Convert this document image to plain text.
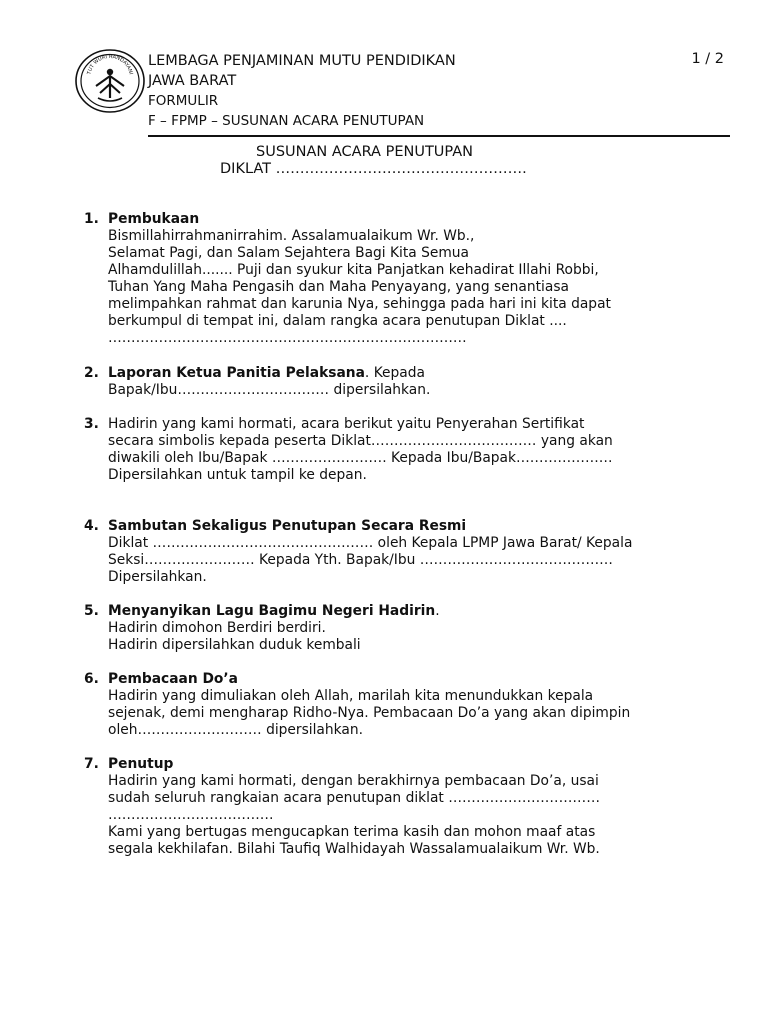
TUT WURI HANDAYANI
LEMBAGA PENJAMINAN MUTU PENDIDIKAN
JAWA BARAT
FORMULIR
F – FPMP – SUSUNAN ACARA PENUTUPAN
1 / 2
SUSUNAN ACARA PENUTUPAN
DIKLAT …………………………………………….
1. Pembukaan
Bismillahirrahmanirrahim. Assalamualaikum Wr. Wb.,
Selamat Pagi, dan Salam Sejahtera Bagi Kita Semua
Alhamdulillah....... Puji dan syukur kita Panjatkan kehadirat Illahi Robbi,
Tuhan Yang Maha Pengasih dan Maha Penyayang, yang senantiasa
melimpahkan rahmat dan karunia Nya, sehingga pada hari ini kita dapat
berkumpul di tempat ini, dalam rangka acara penutupan Diklat ....
……………………………………………………………………
2. Laporan Ketua Panitia Pelaksana. Kepada
Bapak/Ibu…………………………… dipersilahkan.
3. Hadirin yang kami hormati, acara berikut yaitu Penyerahan Sertifikat
secara simbolis kepada peserta Diklat……………………………… yang akan
diwakili oleh Ibu/Bapak ……………………. Kepada Ibu/Bapak…………………
Dipersilahkan untuk tampil ke depan.
4. Sambutan Sekaligus Penutupan Secara Resmi
Diklat ………………………………………… oleh Kepala LPMP Jawa Barat/ Kepala
Seksi…………………… Kepada Yth. Bapak/Ibu ……………………………………
Dipersilahkan.
5. Menyanyikan Lagu Bagimu Negeri Hadirin.
Hadirin dimohon Berdiri berdiri.
Hadirin dipersilahkan duduk kembali
6. Pembacaan Do’a
Hadirin yang dimuliakan oleh Allah, marilah kita menundukkan kepala
sejenak, demi mengharap Ridho-Nya. Pembacaan Do’a yang akan dipimpin
oleh……………………… dipersilahkan.
7. Penutup
Hadirin yang kami hormati, dengan berakhirnya pembacaan Do’a, usai
sudah seluruh rangkaian acara penutupan diklat ……………………………
………………………………
Kami yang bertugas mengucapkan terima kasih dan mohon maaf atas
segala kekhilafan. Bilahi Taufiq Walhidayah Wassalamualaikum Wr. Wb.
